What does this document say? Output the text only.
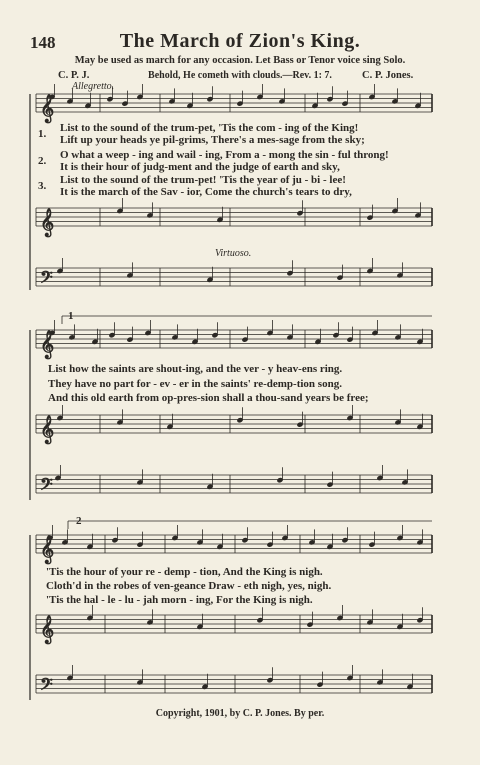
148	The March of Zion's King.
May be used as march for any occasion. Let Bass or Tenor voice sing Solo.
C. P. J.	Behold, He cometh with clouds.—Rev. 1: 7.	C. P. Jones.
𝄞
𝄞
𝄞
𝄞
𝄞
𝄞
𝄢
𝄢
𝄢
Allegretto.
Virtuoso.
1. List to the sound of the trum-pet, 'Tis the com - ing of the King!
Lift up your heads ye pil-grims, There's a mes-sage from the sky;
2. O what a weep - ing and wail - ing, From a - mong the sin - ful throng!
It is their hour of judg-ment and the judge of earth and sky,
3. List to the sound of the trum-pet! 'Tis the year of ju - bi - lee!
It is the march of the Sav - ior, Come the church's tears to dry,
1
List how the saints are shout-ing, and the ver - y heav-ens ring.
They have no part for - ev - er in the saints' re-demp-tion song.
And this old earth from op-pres-sion shall a thou-sand years be free;
2
'Tis the hour of your re - demp - tion, And the King is nigh.
Cloth'd in the robes of ven-geance Draw - eth nigh, yes, nigh.
'Tis the hal - le - lu - jah morn - ing, For the King is nigh.
Copyright, 1901, by C. P. Jones. By per.
